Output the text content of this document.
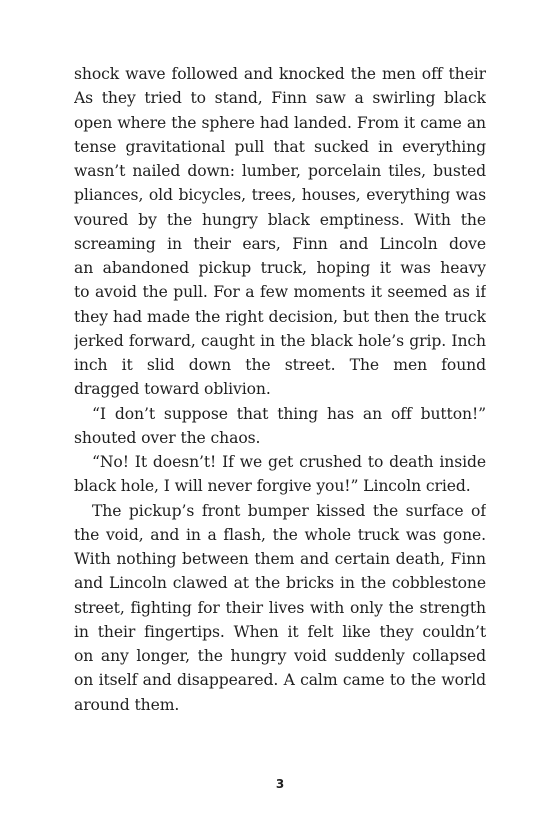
shock wave followed and knocked the men off their
As they tried to stand, Finn saw a swirling black
open where the sphere had landed. From it came an
tense gravitational pull that sucked in everything
wasn’t nailed down: lumber, porcelain tiles, busted
pliances, old bicycles, trees, houses, everything was
voured by the hungry black emptiness. With the
screaming in their ears, Finn and Lincoln dove
an abandoned pickup truck, hoping it was heavy
to avoid the pull. For a few moments it seemed as if
they had made the right decision, but then the truck
jerked forward, caught in the black hole’s grip. Inch
inch it slid down the street. The men found
dragged toward oblivion.
“I don’t suppose that thing has an off button!”
shouted over the chaos.
“No! It doesn’t! If we get crushed to death inside
black hole, I will never forgive you!” Lincoln cried.
The pickup’s front bumper kissed the surface of
the void, and in a flash, the whole truck was gone.
With nothing between them and certain death, Finn
and Lincoln clawed at the bricks in the cobblestone
street, fighting for their lives with only the strength
in their fingertips. When it felt like they couldn’t
on any longer, the hungry void suddenly collapsed
on itself and disappeared. A calm came to the world
around them.
3
